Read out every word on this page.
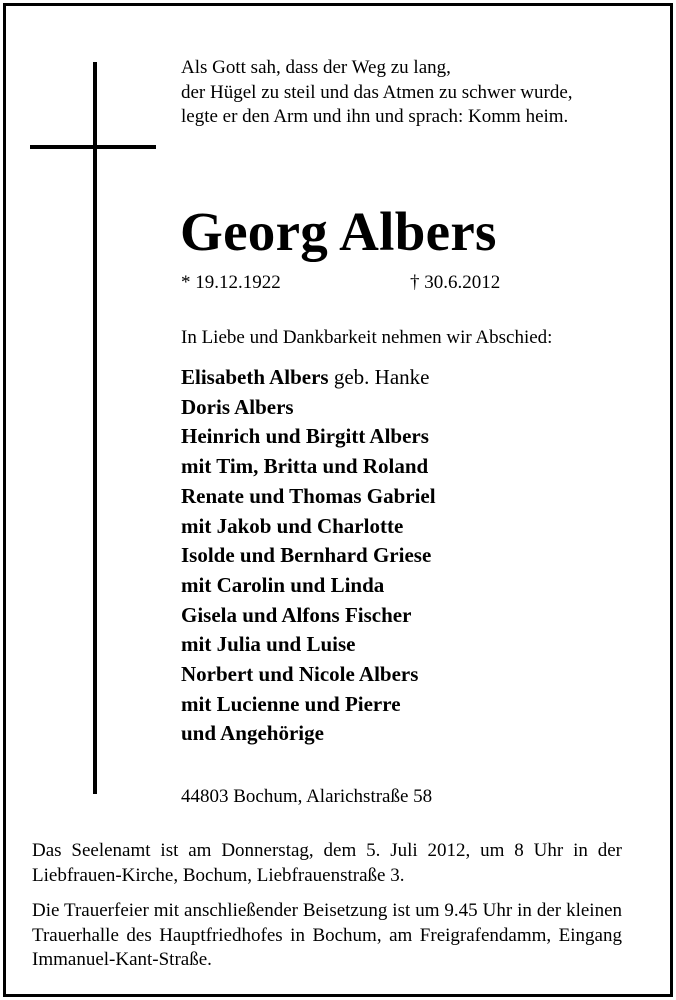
Als Gott sah, dass der Weg zu lang,
der Hügel zu steil und das Atmen zu schwer wurde,
legte er den Arm und ihn und sprach: Komm heim.
Georg Albers
* 19.12.1922	† 30.6.2012
In Liebe und Dankbarkeit nehmen wir Abschied:
Elisabeth Albers geb. Hanke
Doris Albers
Heinrich und Birgitt Albers
mit Tim, Britta und Roland
Renate und Thomas Gabriel
mit Jakob und Charlotte
Isolde und Bernhard Griese
mit Carolin und Linda
Gisela und Alfons Fischer
mit Julia und Luise
Norbert und Nicole Albers
mit Lucienne und Pierre
und Angehörige
44803 Bochum, Alarichstraße 58
Das Seelenamt ist am Donnerstag, dem 5. Juli 2012, um 8 Uhr in der Liebfrauen-Kirche, Bochum, Liebfrauenstraße 3.
Die Trauerfeier mit anschließender Beisetzung ist um 9.45 Uhr in der kleinen Trauerhalle des Hauptfriedhofes in Bochum, am Freigrafendamm, Eingang Immanuel-Kant-Straße.
